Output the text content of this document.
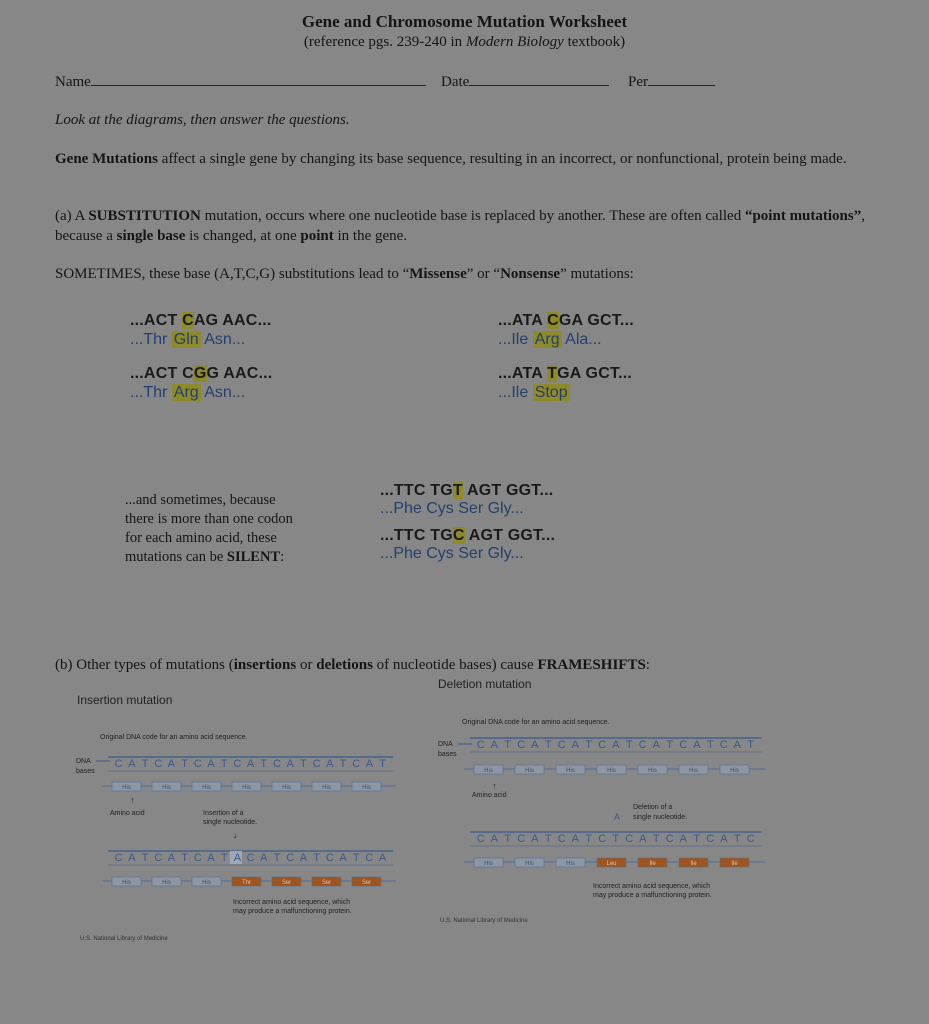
Gene and Chromosome Mutation Worksheet
(reference pgs. 239-240 in Modern Biology textbook)
Name	Date	Per
Look at the diagrams, then answer the questions.
Gene Mutations affect a single gene by changing its base sequence, resulting in an incorrect, or nonfunctional, protein being made.
(a) A SUBSTITUTION mutation, occurs where one nucleotide base is replaced by another. These are often called “point mutations”, because a single base is changed, at one point in the gene.
SOMETIMES, these base (A,T,C,G) substitutions lead to “Missense” or “Nonsense” mutations:
...ACT CAG AAC...
...Thr Gln Asn...
...ACT CGG AAC...
...Thr Arg Asn...
...ATA CGA GCT...
...Ile Arg Ala...
...ATA TGA GCT...
...Ile Stop
...and sometimes, because
there is more than one codon
for each amino acid, these
mutations can be SILENT:
...TTC TGT AGT GGT...
...Phe Cys Ser Gly...
...TTC TGC AGT GGT...
...Phe Cys Ser Gly...
(b) Other types of mutations (insertions or deletions of nucleotide bases) cause FRAMESHIFTS:
Insertion mutation
Deletion mutation
Original DNA code for an amino acid sequence.
DNA
bases
C A T C A T C A T C A T C A T C A T C A T
His	His	His	His	His	His	His
Amino acid
↑
Insertion of a
single nucleotide.
↓
C A T C A T C A T A C A T C A T C A T C A
His	His	His	Thr	Ser	Ser	Ser
Incorrect amino acid sequence, which
may produce a malfunctioning protein.
U.S. National Library of Medicine
Original DNA code for an amino acid sequence.
DNA
bases
C A T C A T C A T C A T C A T C A T C A T
His	His	His	His	His	His	His
↑
Amino acid
Deletion of a
single nucleotide.
A
C A T C A T C A T C T C A T C A T C A T C
His	His	His	Leu	Ile	Ile	Ile
Incorrect amino acid sequence, which
may produce a malfunctioning protein.
U.S. National Library of Medicine
